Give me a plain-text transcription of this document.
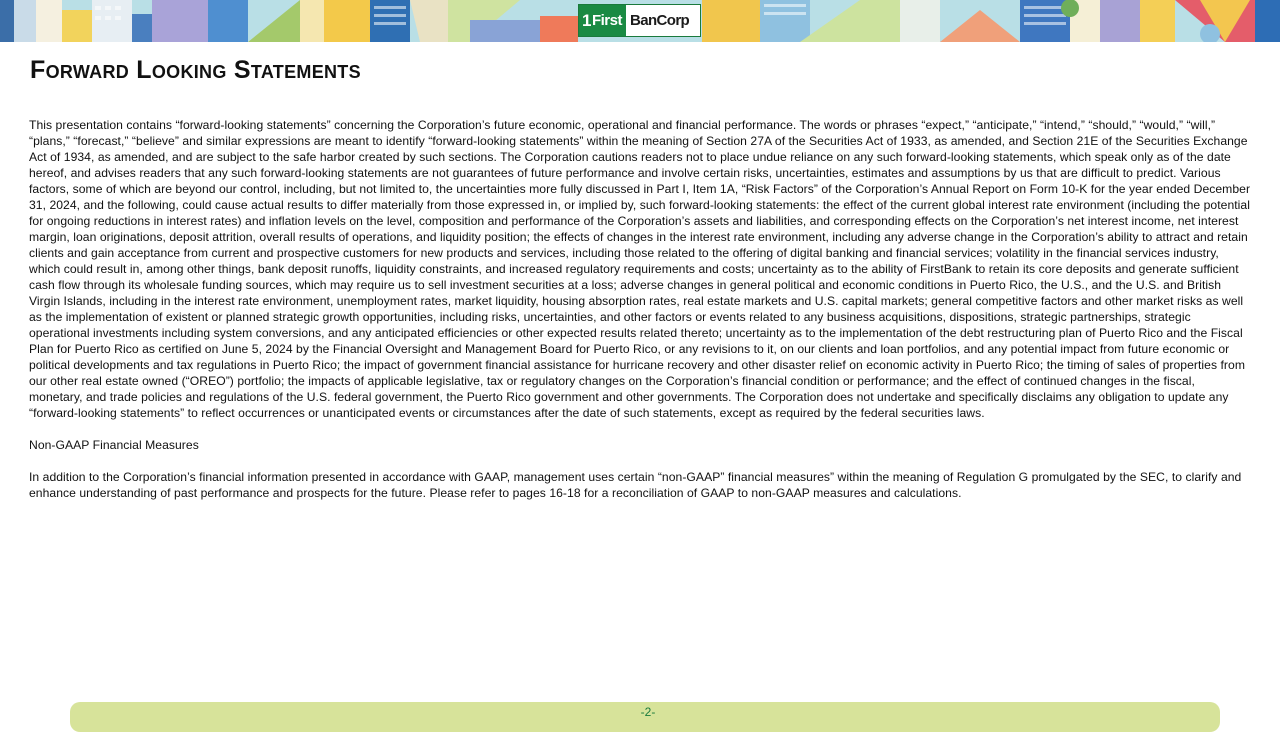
1 First BanCorp
Forward Looking Statements

This presentation contains “forward-looking statements” concerning the Corporation’s future economic, operational and financial performance. The words or phrases “expect,” “anticipate,” “intend,” “should,” “would,” “will,” “plans,” “forecast,” “believe” and similar expressions are meant to identify “forward-looking statements” within the meaning of Section 27A of the Securities Act of 1933, as amended, and Section 21E of the Securities Exchange Act of 1934, as amended, and are subject to the safe harbor created by such sections. The Corporation cautions readers not to place undue reliance on any such forward-looking statements, which speak only as of the date hereof, and advises readers that any such forward-looking statements are not guarantees of future performance and involve certain risks, uncertainties, estimates and assumptions by us that are difficult to predict. Various factors, some of which are beyond our control, including, but not limited to, the uncertainties more fully discussed in Part I, Item 1A, “Risk Factors” of the Corporation’s Annual Report on Form 10-K for the year ended December 31, 2024, and the following, could cause actual results to differ materially from those expressed in, or implied by, such forward-looking statements: the effect of the current global interest rate environment (including the potential for ongoing reductions in interest rates) and inflation levels on the level, composition and performance of the Corporation’s assets and liabilities, and corresponding effects on the Corporation’s net interest income, net interest margin, loan originations, deposit attrition, overall results of operations, and liquidity position; the effects of changes in the interest rate environment, including any adverse change in the Corporation’s ability to attract and retain clients and gain acceptance from current and prospective customers for new products and services, including those related to the offering of digital banking and financial services; volatility in the financial services industry, which could result in, among other things, bank deposit runoffs, liquidity constraints, and increased regulatory requirements and costs; uncertainty as to the ability of FirstBank to retain its core deposits and generate sufficient cash flow through its wholesale funding sources, which may require us to sell investment securities at a loss; adverse changes in general political and economic conditions in Puerto Rico, the U.S., and the U.S. and British Virgin Islands, including in the interest rate environment, unemployment rates, market liquidity, housing absorption rates, real estate markets and U.S. capital markets; general competitive factors and other market risks as well as the implementation of existent or planned strategic growth opportunities, including risks, uncertainties, and other factors or events related to any business acquisitions, dispositions, strategic partnerships, strategic operational investments including system conversions, and any anticipated efficiencies or other expected results related thereto; uncertainty as to the implementation of the debt restructuring plan of Puerto Rico and the Fiscal Plan for Puerto Rico as certified on June 5, 2024 by the Financial Oversight and Management Board for Puerto Rico, or any revisions to it, on our clients and loan portfolios, and any potential impact from future economic or political developments and tax regulations in Puerto Rico; the impact of government financial assistance for hurricane recovery and other disaster relief on economic activity in Puerto Rico; the timing of sales of properties from our other real estate owned (“OREO”) portfolio; the impacts of applicable legislative, tax or regulatory changes on the Corporation’s financial condition or performance; and the effect of continued changes in the fiscal, monetary, and trade policies and regulations of the U.S. federal government, the Puerto Rico government and other governments. The Corporation does not undertake and specifically disclaims any obligation to update any “forward-looking statements” to reflect occurrences or unanticipated events or circumstances after the date of such statements, except as required by the federal securities laws.

Non-GAAP Financial Measures

In addition to the Corporation’s financial information presented in accordance with GAAP, management uses certain “non-GAAP” financial measures” within the meaning of Regulation G promulgated by the SEC, to clarify and enhance understanding of past performance and prospects for the future. Please refer to pages 16-18 for a reconciliation of GAAP to non-GAAP measures and calculations.

-2-
